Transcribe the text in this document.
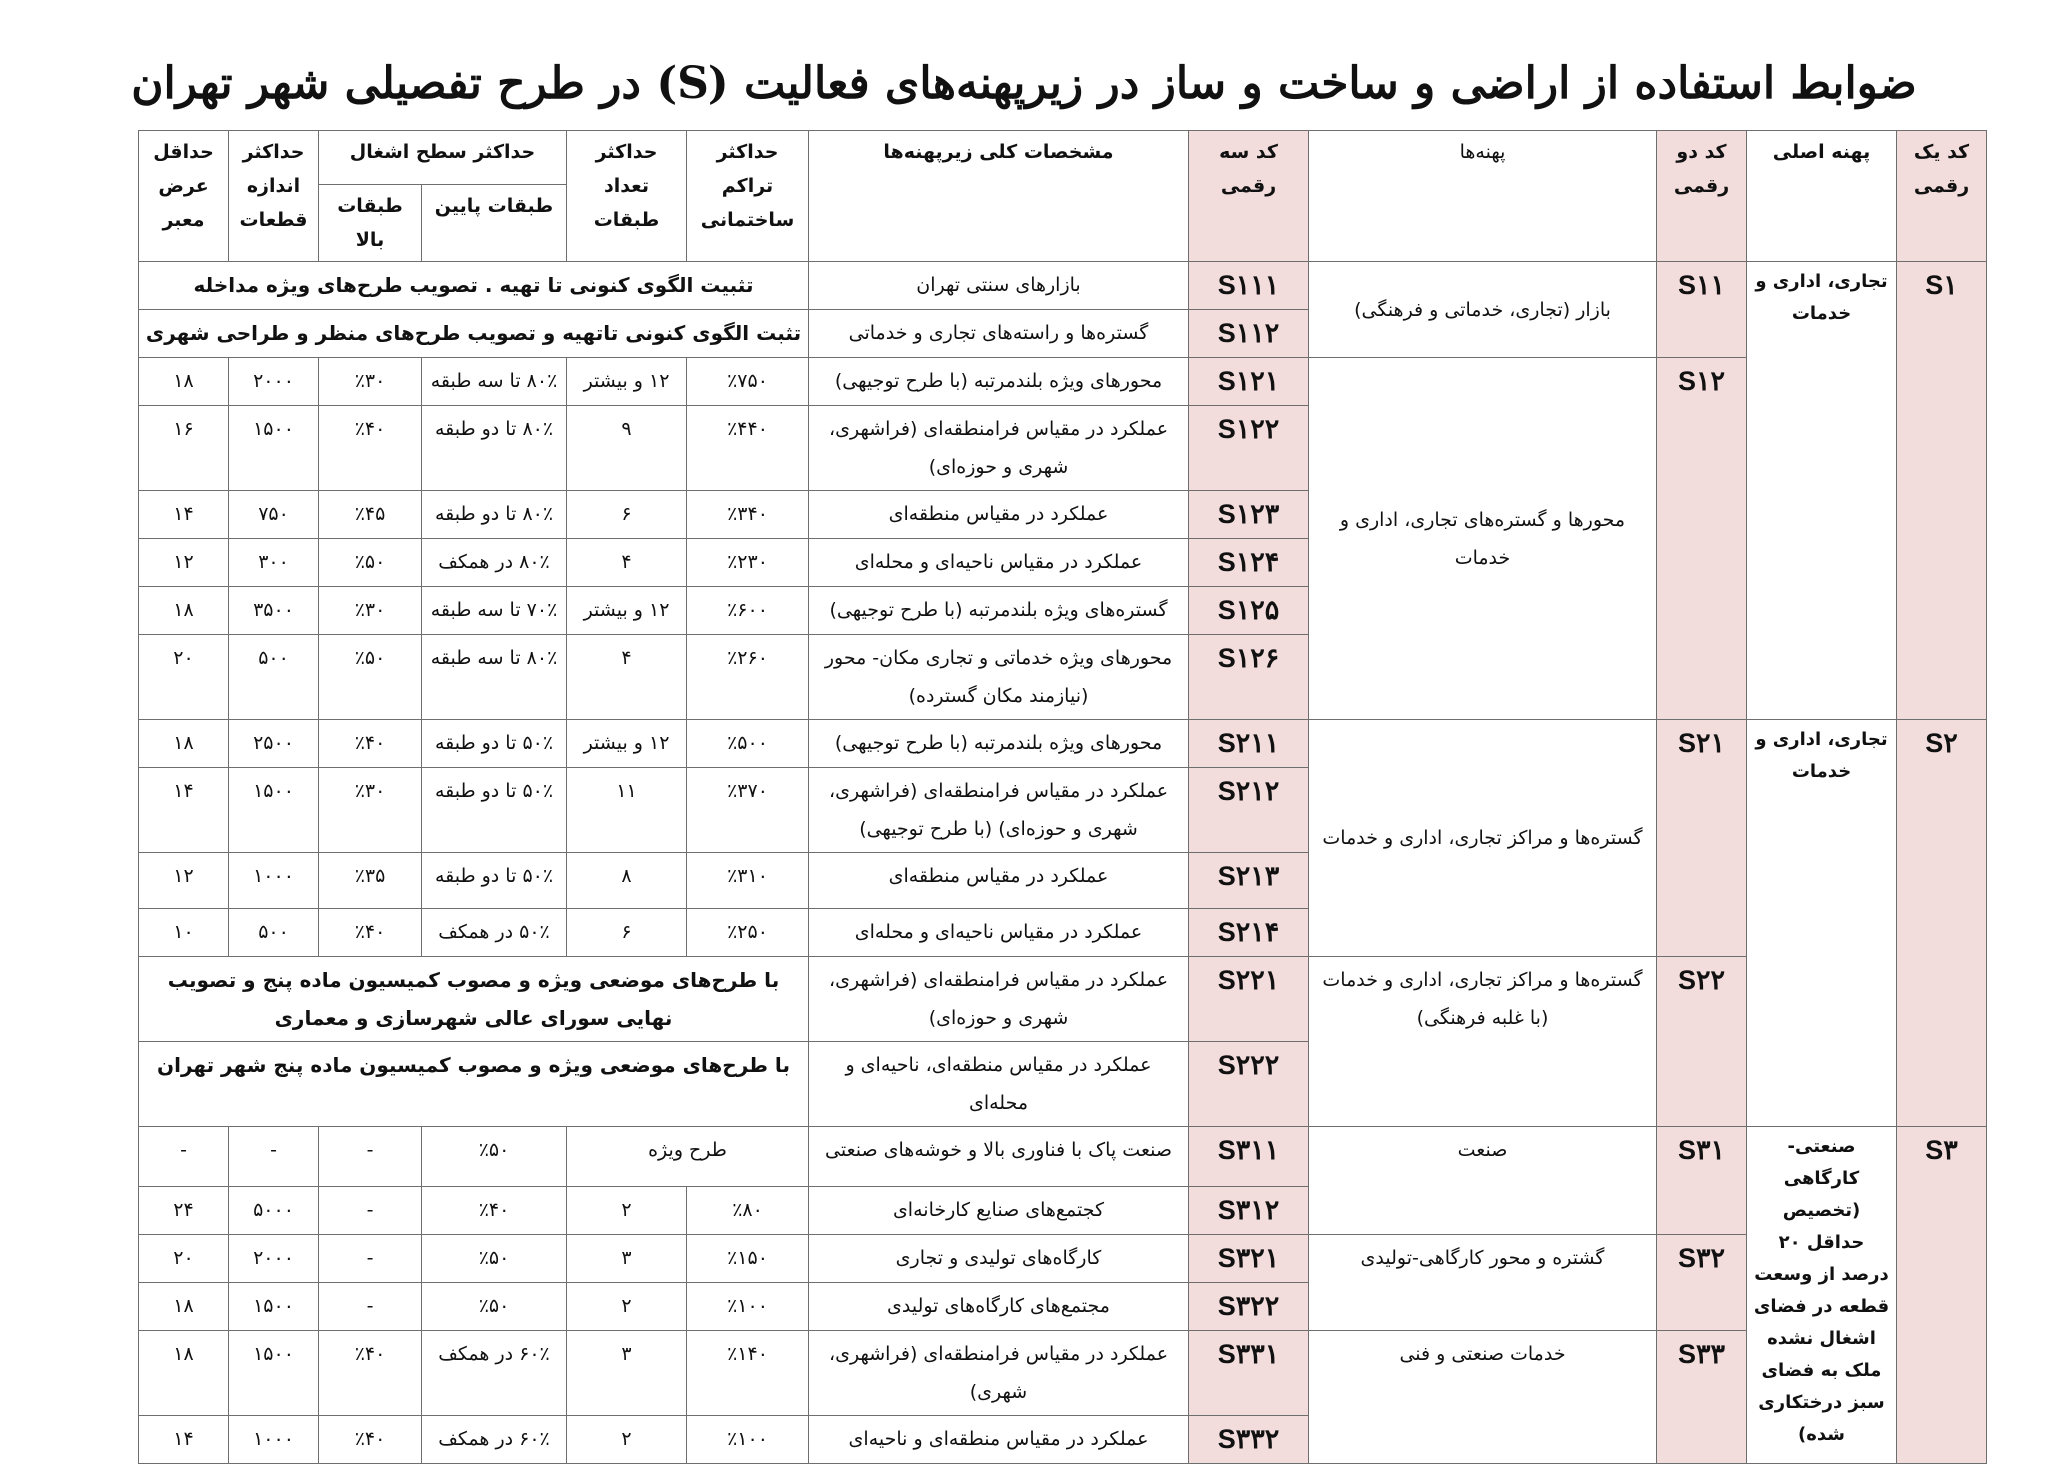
ضوابط استفاده از اراضی و ساخت و ساز در زیرپهنه‌های فعالیت (S) در طرح تفصیلی شهر تهران
کد یک رقمی	پهنه اصلی	کد دو رقمی	پهنه‌ها	کد سه رقمی	مشخصات کلی زیرپهنه‌ها	حداکثر تراکم ساختمانی	حداکثر تعداد طبقات	حداکثر سطح اشغال		حداکثر اندازه قطعات	حداقل عرض معبر
								طبقات پایین	طبقات بالا		
S۱	تجاری، اداری و خدمات	S۱۱	بازار (تجاری، خدماتی و فرهنگی)	S۱۱۱	بازارهای سنتی تهران	تثبیت الگوی کنونی تا تهیه . تصویب طرح‌های ویژه مداخله					
				S۱۱۲	گستره‌ها و راسته‌های تجاری و خدماتی	تثبت الگوی کنونی تاتهیه و تصویب طرح‌های منظر و طراحی شهری					
		S۱۲	محورها و گستره‌های تجاری، اداری و خدمات	S۱۲۱	محورهای ویژه بلندمرتبه (با طرح توجیهی)	٪۷۵۰	۱۲ و بیشتر	۸۰٪ تا سه طبقه	٪۳۰	۲۰۰۰	۱۸
				S۱۲۲	عملکرد در مقیاس فرامنطقه‌ای (فراشهری، شهری و حوزه‌ای)	٪۴۴۰	۹	۸۰٪ تا دو طبقه	٪۴۰	۱۵۰۰	۱۶
				S۱۲۳	عملکرد در مقیاس منطقه‌ای	٪۳۴۰	۶	۸۰٪ تا دو طبقه	٪۴۵	۷۵۰	۱۴
				S۱۲۴	عملکرد در مقیاس ناحیه‌ای و محله‌ای	٪۲۳۰	۴	۸۰٪ در همکف	٪۵۰	۳۰۰	۱۲
				S۱۲۵	گستره‌های ویژه بلندمرتبه (با طرح توجیهی)	٪۶۰۰	۱۲ و بیشتر	۷۰٪ تا سه طبقه	٪۳۰	۳۵۰۰	۱۸
				S۱۲۶	محورهای ویژه خدماتی و تجاری مکان- محور (نیازمند مکان گسترده)	٪۲۶۰	۴	۸۰٪ تا سه طبقه	٪۵۰	۵۰۰	۲۰
S۲	تجاری، اداری و خدمات	S۲۱	گستره‌ها و مراکز تجاری، اداری و خدمات	S۲۱۱	محورهای ویژه بلندمرتبه (با طرح توجیهی)	٪۵۰۰	۱۲ و بیشتر	۵۰٪ تا دو طبقه	٪۴۰	۲۵۰۰	۱۸
				S۲۱۲	عملکرد در مقیاس فرامنطقه‌ای (فراشهری، شهری و حوزه‌ای) (با طرح توجیهی)	٪۳۷۰	۱۱	۵۰٪ تا دو طبقه	٪۳۰	۱۵۰۰	۱۴
				S۲۱۳	عملکرد در مقیاس منطقه‌ای	٪۳۱۰	۸	۵۰٪ تا دو طبقه	٪۳۵	۱۰۰۰	۱۲
				S۲۱۴	عملکرد در مقیاس ناحیه‌ای و محله‌ای	٪۲۵۰	۶	۵۰٪ در همکف	٪۴۰	۵۰۰	۱۰
		S۲۲	گستره‌ها و مراکز تجاری، اداری و خدمات (با غلبه فرهنگی)	S۲۲۱	عملکرد در مقیاس فرامنطقه‌ای (فراشهری، شهری و حوزه‌ای)	با طرح‌های موضعی ویژه و مصوب کمیسیون ماده پنج و تصویب نهایی سورای عالی شهرسازی و معماری					
				S۲۲۲	عملکرد در مقیاس منطقه‌ای، ناحیه‌ای و محله‌ای	با طرح‌های موضعی ویژه و مصوب کمیسیون ماده پنج شهر تهران					
S۳	صنعتی-کارگاهی (تخصیص حداقل ۲۰ درصد از وسعت قطعه در فضای اشغال نشده ملک به فضای سبز درختکاری شده)	S۳۱	صنعت	S۳۱۱	صنعت پاک با فناوری بالا و خوشه‌های صنعتی	طرح ویژه		٪۵۰	-	-	-
				S۳۱۲	کجتمع‌های صنایع کارخانه‌ای	٪۸۰	۲	٪۴۰	-	۵۰۰۰	۲۴
		S۳۲	گشتره و محور کارگاهی-تولیدی	S۳۲۱	کارگاه‌های تولیدی و تجاری	٪۱۵۰	۳	٪۵۰	-	۲۰۰۰	۲۰
				S۳۲۲	مجتمع‌های کارگاه‌های تولیدی	٪۱۰۰	۲	٪۵۰	-	۱۵۰۰	۱۸
		S۳۳	خدمات صنعتی و فنی	S۳۳۱	عملکرد در مقیاس فرامنطقه‌ای (فراشهری، شهری)	٪۱۴۰	۳	۶۰٪ در همکف	٪۴۰	۱۵۰۰	۱۸
				S۳۳۲	عملکرد در مقیاس منطقه‌ای و ناحیه‌ای	٪۱۰۰	۲	۶۰٪ در همکف	٪۴۰	۱۰۰۰	۱۴
